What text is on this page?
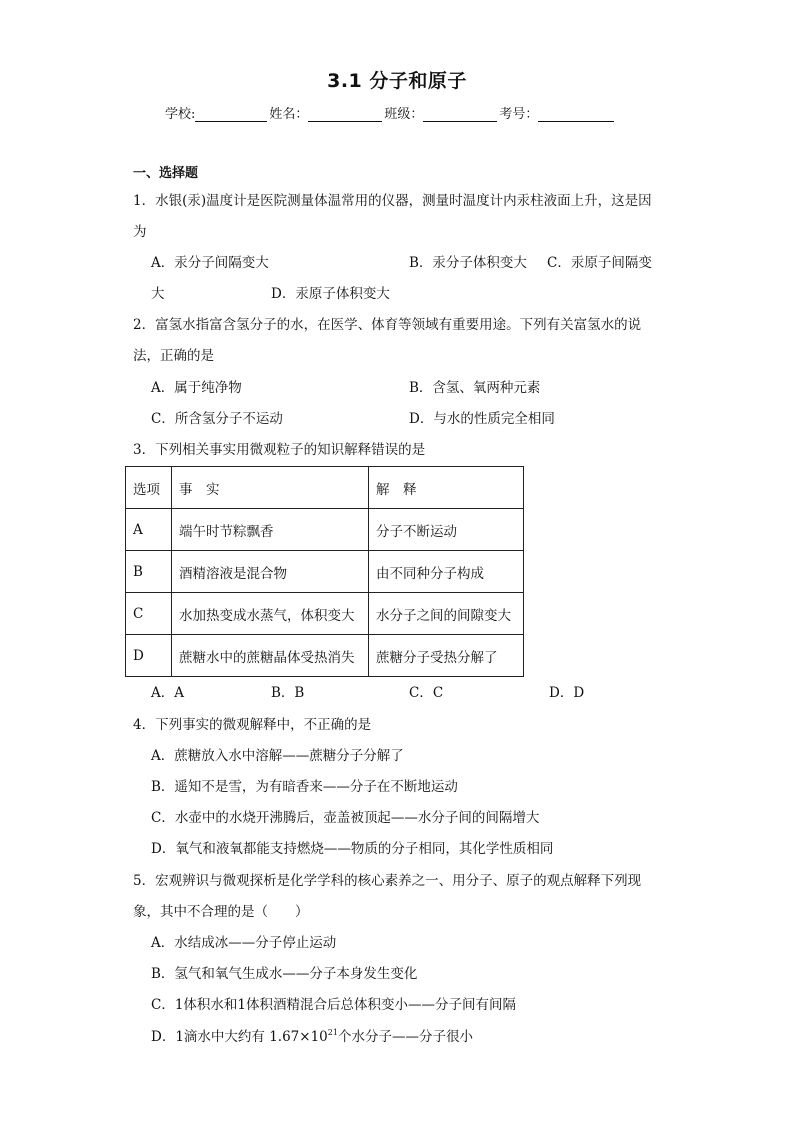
3.1 分子和原子
学校:	姓名：	班级：	考号：
一、选择题
1．水银(汞)温度计是医院测量体温常用的仪器，测量时温度计内汞柱液面上升，这是因
为
A．汞分子间隔变大	B．汞分子体积变大 C．汞原子间隔变
大	D．汞原子体积变大
2．富氢水指富含氢分子的水，在医学、体育等领域有重要用途。下列有关富氢水的说
法，正确的是
A．属于纯净物	B．含氢、氧两种元素
C．所含氢分子不运动	D．与水的性质完全相同
3．下列相关事实用微观粒子的知识解释错误的是
选项	事　实	解　释
A	端午时节粽飘香	分子不断运动
B	酒精溶液是混合物	由不同种分子构成
C	水加热变成水蒸气，体积变大	水分子之间的间隙变大
D	蔗糖水中的蔗糖晶体受热消失	蔗糖分子受热分解了
A．A	B．B	C．C	D．D
4．下列事实的微观解释中，不正确的是
A．蔗糖放入水中溶解——蔗糖分子分解了
B．遥知不是雪，为有暗香来——分子在不断地运动
C．水壶中的水烧开沸腾后，壶盖被顶起——水分子间的间隔增大
D．氧气和液氧都能支持燃烧——物质的分子相同，其化学性质相同
5．宏观辨识与微观探析是化学学科的核心素养之一、用分子、原子的观点解释下列现
象，其中不合理的是（　　）
A．水结成冰——分子停止运动
B．氢气和氧气生成水——分子本身发生变化
C．1体积水和1体积酒精混合后总体积变小——分子间有间隔
D．1滴水中大约有 $1.67\times 10^{21}$个水分子——分子很小
